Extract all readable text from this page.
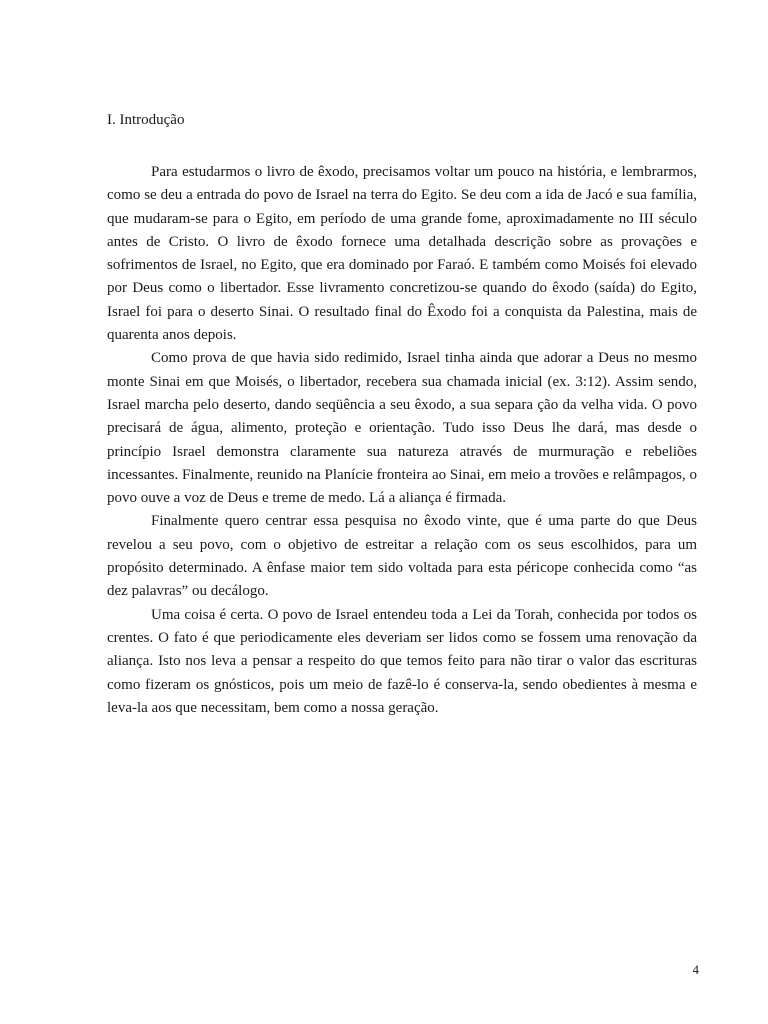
I. Introdução

Para estudarmos o livro de êxodo, precisamos voltar um pouco na história, e lembrarmos, como se deu a entrada do povo de Israel na terra do Egito. Se deu com a ida de Jacó e sua família, que mudaram-se para o Egito, em período de uma grande fome, aproximadamente no III século antes de Cristo. O livro de êxodo fornece uma detalhada descrição sobre as provações e sofrimentos de Israel, no Egito, que era dominado por Faraó. E também como Moisés foi elevado por Deus como o libertador. Esse livramento concretizou-se quando do êxodo (saída) do Egito, Israel foi para o deserto Sinai. O resultado final do Êxodo foi a conquista da Palestina, mais de quarenta anos depois.

Como prova de que havia sido redimido, Israel tinha ainda que adorar a Deus no mesmo monte Sinai em que Moisés, o libertador, recebera sua chamada inicial (ex. 3:12). Assim sendo, Israel marcha pelo deserto, dando seqüência a seu êxodo, a sua separa ção da velha vida. O povo precisará de água, alimento, proteção e orientação. Tudo isso Deus lhe dará, mas desde o princípio Israel demonstra claramente sua natureza através de murmuração e rebeliões incessantes. Finalmente, reunido na Planície fronteira ao Sinai, em meio a trovões e relâmpagos, o povo ouve a voz de Deus e treme de medo. Lá a aliança é firmada.

Finalmente quero centrar essa pesquisa no êxodo vinte, que é uma parte do que Deus revelou a seu povo, com o objetivo de estreitar a relação com os seus escolhidos, para um propósito determinado. A ênfase maior tem sido voltada para esta péricope conhecida como “as dez palavras” ou decálogo.

Uma coisa é certa. O povo de Israel entendeu toda a Lei da Torah, conhecida por todos os crentes. O fato é que periodicamente eles deveriam ser lidos como se fossem uma renovação da aliança. Isto nos leva a pensar a respeito do que temos feito para não tirar o valor das escrituras como fizeram os gnósticos, pois um meio de fazê-lo é conserva-la, sendo obedientes à mesma e leva-la aos que necessitam, bem como a nossa geração.

4
